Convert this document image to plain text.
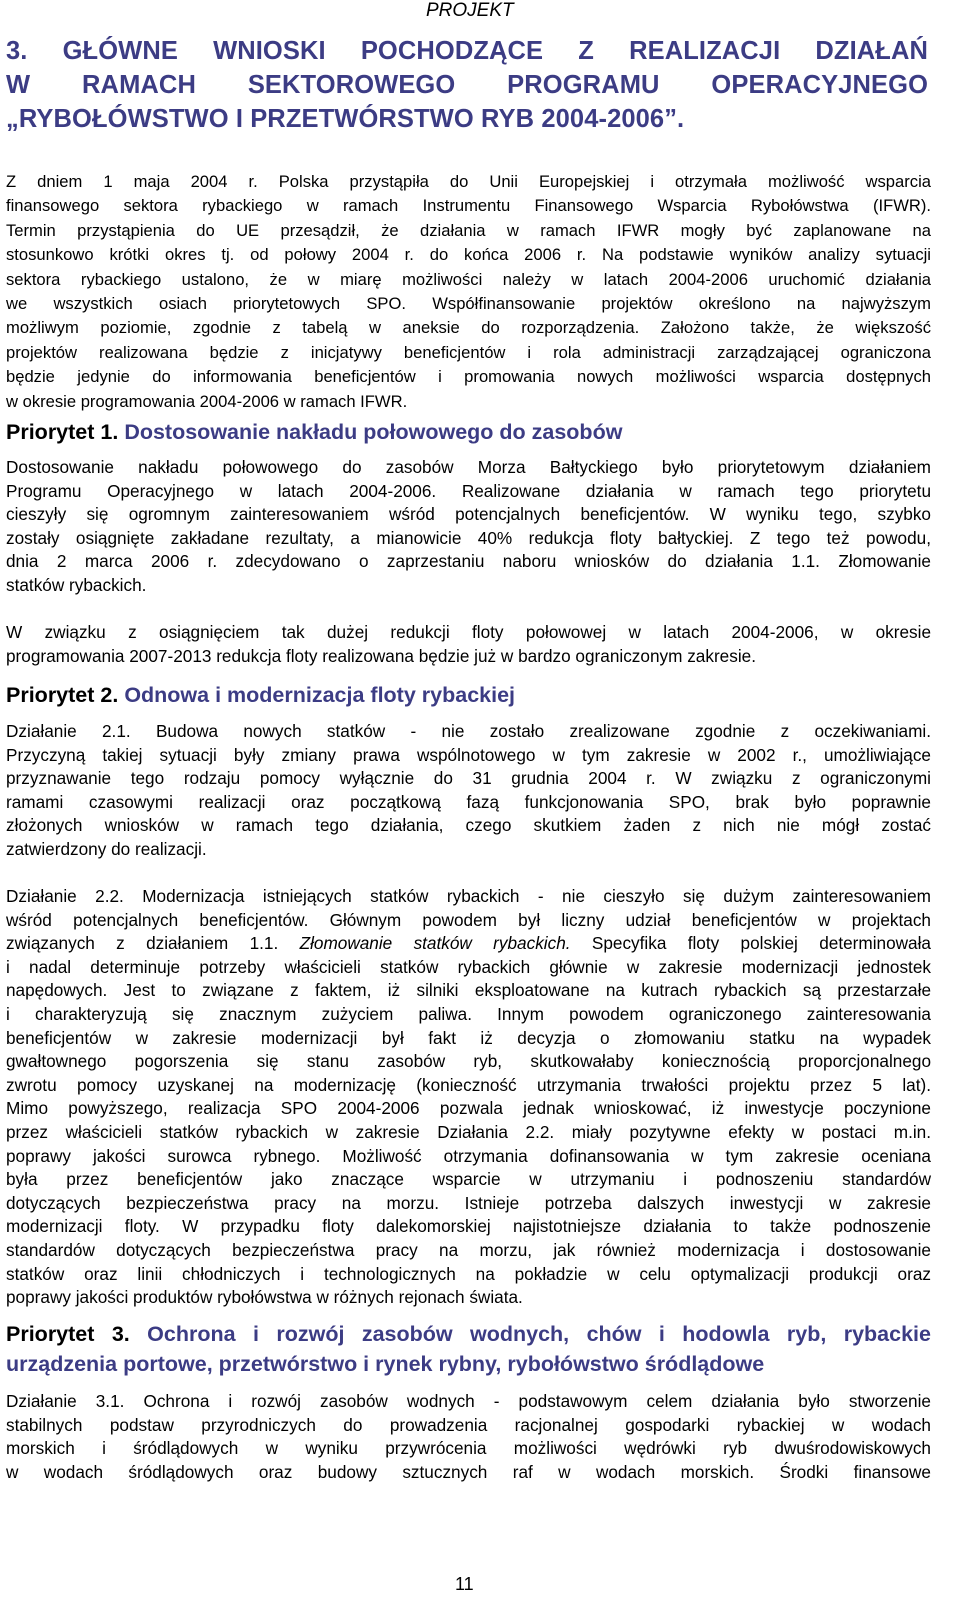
PROJEKT
3. GŁÓWNE WNIOSKI POCHODZĄCE Z REALIZACJI DZIAŁAŃ
W RAMACH SEKTOROWEGO PROGRAMU OPERACYJNEGO
„RYBOŁÓWSTWO I PRZETWÓRSTWO RYB 2004-2006”.

Z dniem 1 maja 2004 r. Polska przystąpiła do Unii Europejskiej i otrzymała możliwość wsparcia
finansowego sektora rybackiego w ramach Instrumentu Finansowego Wsparcia Rybołówstwa (IFWR).
Termin przystąpienia do UE przesądził, że działania w ramach IFWR mogły być zaplanowane na
stosunkowo krótki okres tj. od połowy 2004 r. do końca 2006 r. Na podstawie wyników analizy sytuacji
sektora rybackiego ustalono, że w miarę możliwości należy w latach 2004-2006 uruchomić działania
we wszystkich osiach priorytetowych SPO. Współfinansowanie projektów określono na najwyższym
możliwym poziomie, zgodnie z tabelą w aneksie do rozporządzenia. Założono także, że większość
projektów realizowana będzie z inicjatywy beneficjentów i rola administracji zarządzającej ograniczona
będzie jedynie do informowania beneficjentów i promowania nowych możliwości wsparcia dostępnych
w okresie programowania 2004-2006 w ramach IFWR.

Priorytet 1. Dostosowanie nakładu połowowego do zasobów

Dostosowanie nakładu połowowego do zasobów Morza Bałtyckiego było priorytetowym działaniem
Programu Operacyjnego w latach 2004-2006. Realizowane działania w ramach tego priorytetu
cieszyły się ogromnym zainteresowaniem wśród potencjalnych beneficjentów. W wyniku tego, szybko
zostały osiągnięte zakładane rezultaty, a mianowicie 40% redukcja floty bałtyckiej. Z tego też powodu,
dnia 2 marca 2006 r. zdecydowano o zaprzestaniu naboru wniosków do działania 1.1. Złomowanie
statków rybackich.

W związku z osiągnięciem tak dużej redukcji floty połowowej w latach 2004-2006, w okresie
programowania 2007-2013 redukcja floty realizowana będzie już w bardzo ograniczonym zakresie.

Priorytet 2. Odnowa i modernizacja floty rybackiej

Działanie 2.1. Budowa nowych statków - nie zostało zrealizowane zgodnie z oczekiwaniami.
Przyczyną takiej sytuacji były zmiany prawa wspólnotowego w tym zakresie w 2002 r., umożliwiające
przyznawanie tego rodzaju pomocy wyłącznie do 31 grudnia 2004 r. W związku z ograniczonymi
ramami czasowymi realizacji oraz początkową fazą funkcjonowania SPO, brak było poprawnie
złożonych wniosków w ramach tego działania, czego skutkiem żaden z nich nie mógł zostać
zatwierdzony do realizacji.

Działanie 2.2. Modernizacja istniejących statków rybackich - nie cieszyło się dużym zainteresowaniem
wśród potencjalnych beneficjentów. Głównym powodem był liczny udział beneficjentów w projektach
związanych z działaniem 1.1. Złomowanie statków rybackich. Specyfika floty polskiej determinowała
i nadal determinuje potrzeby właścicieli statków rybackich głównie w zakresie modernizacji jednostek
napędowych. Jest to związane z faktem, iż silniki eksploatowane na kutrach rybackich są przestarzałe
i charakteryzują się znacznym zużyciem paliwa. Innym powodem ograniczonego zainteresowania
beneficjentów w zakresie modernizacji był fakt iż decyzja o złomowaniu statku na wypadek
gwałtownego pogorszenia się stanu zasobów ryb, skutkowałaby koniecznością proporcjonalnego
zwrotu pomocy uzyskanej na modernizację (konieczność utrzymania trwałości projektu przez 5 lat).
Mimo powyższego, realizacja SPO 2004-2006 pozwala jednak wnioskować, iż inwestycje poczynione
przez właścicieli statków rybackich w zakresie Działania 2.2. miały pozytywne efekty w postaci m.in.
poprawy jakości surowca rybnego. Możliwość otrzymania dofinansowania w tym zakresie oceniana
była przez beneficjentów jako znaczące wsparcie w utrzymaniu i podnoszeniu standardów
dotyczących bezpieczeństwa pracy na morzu. Istnieje potrzeba dalszych inwestycji w zakresie
modernizacji floty. W przypadku floty dalekomorskiej najistotniejsze działania to także podnoszenie
standardów dotyczących bezpieczeństwa pracy na morzu, jak również modernizacja i dostosowanie
statków oraz linii chłodniczych i technologicznych na pokładzie w celu optymalizacji produkcji oraz
poprawy jakości produktów rybołówstwa w różnych rejonach świata.

Priorytet 3. Ochrona i rozwój zasobów wodnych, chów i hodowla ryb, rybackie
urządzenia portowe, przetwórstwo i rynek rybny, rybołówstwo śródlądowe

Działanie 3.1. Ochrona i rozwój zasobów wodnych - podstawowym celem działania było stworzenie
stabilnych podstaw przyrodniczych do prowadzenia racjonalnej gospodarki rybackiej w wodach
morskich i śródlądowych w wyniku przywrócenia możliwości wędrówki ryb dwuśrodowiskowych
w wodach śródlądowych oraz budowy sztucznych raf w wodach morskich. Środki finansowe

11
